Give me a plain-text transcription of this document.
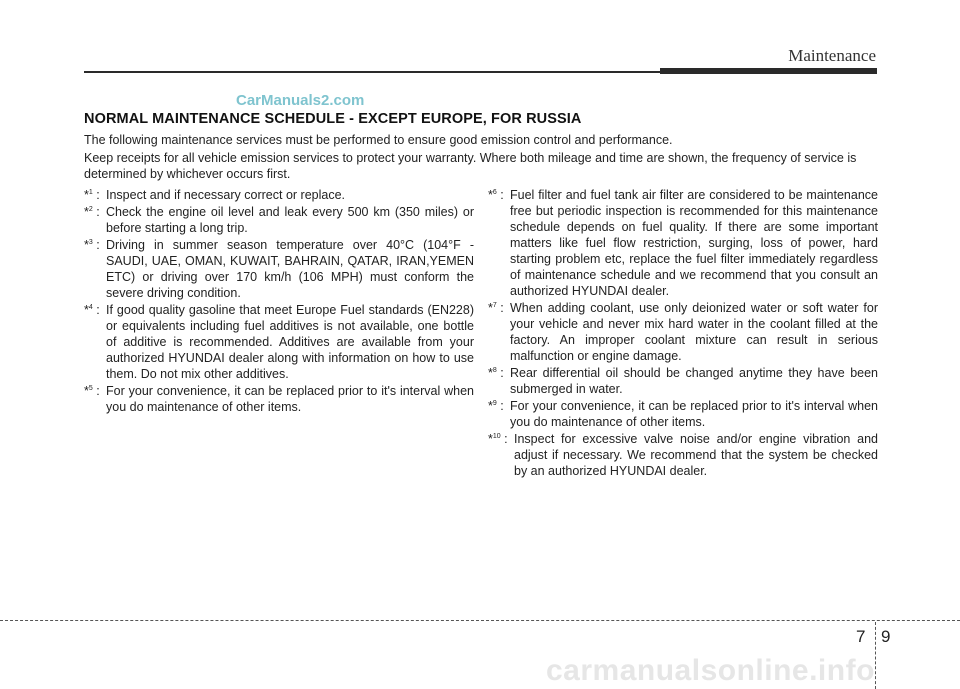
Maintenance
CarManuals2.com
NORMAL MAINTENANCE SCHEDULE - EXCEPT EUROPE, FOR RUSSIA

The following maintenance services must be performed to ensure good emission control and performance.

Keep receipts for all vehicle emission services to protect your warranty. Where both mileage and time are shown, the frequency of service is determined by whichever occurs first.

*$^1$ : Inspect and if necessary correct or replace.
*$^2$ : Check the engine oil level and leak every 500 km (350 miles) or before starting a long trip.
*$^3$ : Driving in summer season temperature over 40°C (104°F - SAUDI, UAE, OMAN, KUWAIT, BAHRAIN, QATAR, IRAN,YEMEN ETC) or driving over 170 km/h (106 MPH) must conform the severe driving condition.
*$^4$ : If good quality gasoline that meet Europe Fuel standards (EN228) or equivalents including fuel additives is not available, one bottle of additive is recommended. Additives are available from your authorized HYUNDAI dealer along with information on how to use them. Do not mix other additives.
*$^5$ : For your convenience, it can be replaced prior to it's interval when you do maintenance of other items.
*$^6$ : Fuel filter and fuel tank air filter are considered to be maintenance free but periodic inspection is recommended for this maintenance schedule depends on fuel quality. If there are some important matters like fuel flow restriction, surging, loss of power, hard starting problem etc, replace the fuel filter immediately regardless of maintenance schedule and we recommend that you consult an authorized HYUNDAI dealer.
*$^7$ : When adding coolant, use only deionized water or soft water for your vehicle and never mix hard water in the coolant filled at the factory. An improper coolant mixture can result in serious malfunction or engine damage.
*$^8$ : Rear differential oil should be changed anytime they have been submerged in water.
*$^9$ : For your convenience, it can be replaced prior to it's interval when you do maintenance of other items.
*$^{10}$ : Inspect for excessive valve noise and/or engine vibration and adjust if necessary. We recommend that the system be checked by an authorized HYUNDAI dealer.
7 9
carmanualsonline.info
